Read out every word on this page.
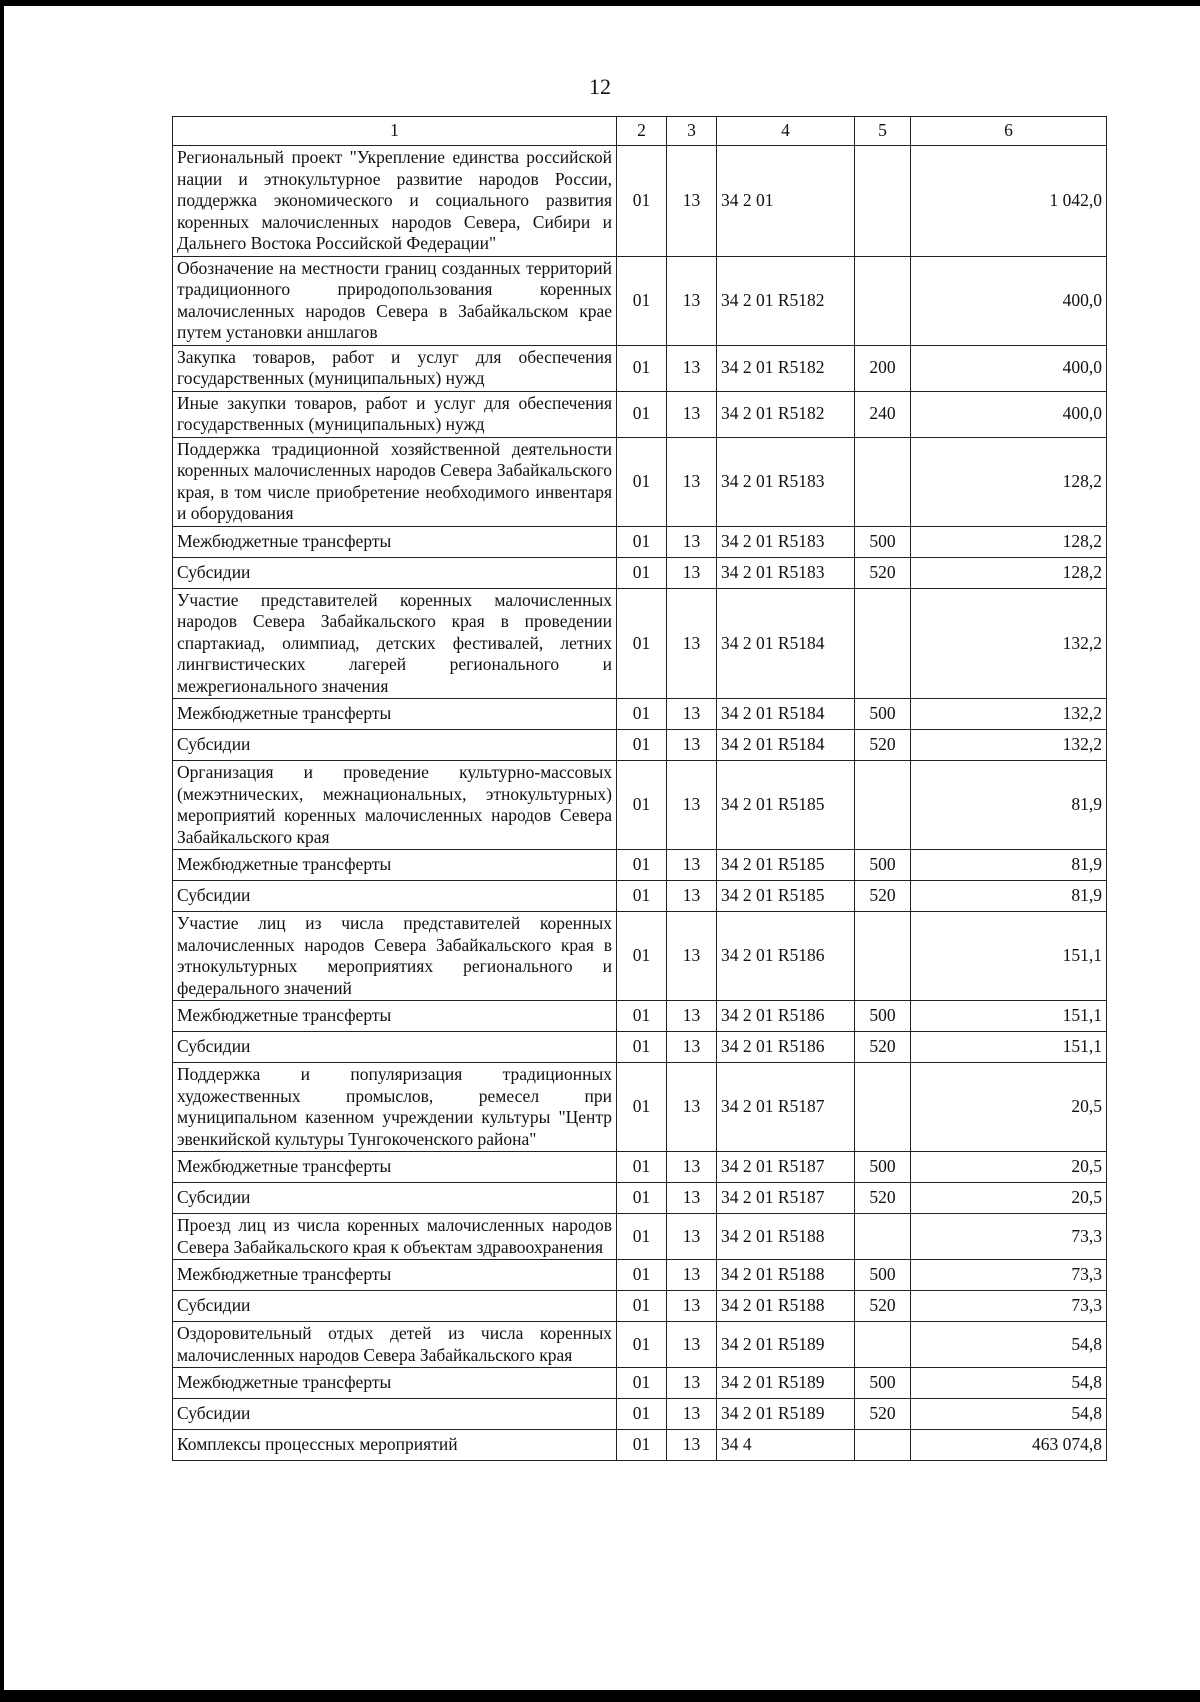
12
1	2	3	4	5	6
Региональный проект "Укрепление единства российской нации и этнокультурное развитие народов России, поддержка экономического и социального развития коренных малочисленных народов Севера, Сибири и Дальнего Востока Российской Федерации"	01	13	34 2 01		1 042,0
Обозначение на местности границ созданных территорий традиционного природопользования коренных малочисленных народов Севера в Забайкальском крае путем установки аншлагов	01	13	34 2 01 R5182		400,0
Закупка товаров, работ и услуг для обеспечения государственных (муниципальных) нужд	01	13	34 2 01 R5182	200	400,0
Иные закупки товаров, работ и услуг для обеспечения государственных (муниципальных) нужд	01	13	34 2 01 R5182	240	400,0
Поддержка традиционной хозяйственной деятельности коренных малочисленных народов Севера Забайкальского края, в том числе приобретение необходимого инвентаря и оборудования	01	13	34 2 01 R5183		128,2
Межбюджетные трансферты	01	13	34 2 01 R5183	500	128,2
Субсидии	01	13	34 2 01 R5183	520	128,2
Участие представителей коренных малочисленных народов Севера Забайкальского края в проведении спартакиад, олимпиад, детских фестивалей, летних лингвистических лагерей регионального и межрегионального значения	01	13	34 2 01 R5184		132,2
Межбюджетные трансферты	01	13	34 2 01 R5184	500	132,2
Субсидии	01	13	34 2 01 R5184	520	132,2
Организация и проведение культурно-массовых (межэтнических, межнациональных, этнокультурных) мероприятий коренных малочисленных народов Севера Забайкальского края	01	13	34 2 01 R5185		81,9
Межбюджетные трансферты	01	13	34 2 01 R5185	500	81,9
Субсидии	01	13	34 2 01 R5185	520	81,9
Участие лиц из числа представителей коренных малочисленных народов Севера Забайкальского края в этнокультурных мероприятиях регионального и федерального значений	01	13	34 2 01 R5186		151,1
Межбюджетные трансферты	01	13	34 2 01 R5186	500	151,1
Субсидии	01	13	34 2 01 R5186	520	151,1
Поддержка и популяризация традиционных художественных промыслов, ремесел при муниципальном казенном учреждении культуры "Центр эвенкийской культуры Тунгокоченского района"	01	13	34 2 01 R5187		20,5
Межбюджетные трансферты	01	13	34 2 01 R5187	500	20,5
Субсидии	01	13	34 2 01 R5187	520	20,5
Проезд лиц из числа коренных малочисленных народов Севера Забайкальского края к объектам здравоохранения	01	13	34 2 01 R5188		73,3
Межбюджетные трансферты	01	13	34 2 01 R5188	500	73,3
Субсидии	01	13	34 2 01 R5188	520	73,3
Оздоровительный отдых детей из числа коренных малочисленных народов Севера Забайкальского края	01	13	34 2 01 R5189		54,8
Межбюджетные трансферты	01	13	34 2 01 R5189	500	54,8
Субсидии	01	13	34 2 01 R5189	520	54,8
Комплексы процессных мероприятий	01	13	34 4		463 074,8
